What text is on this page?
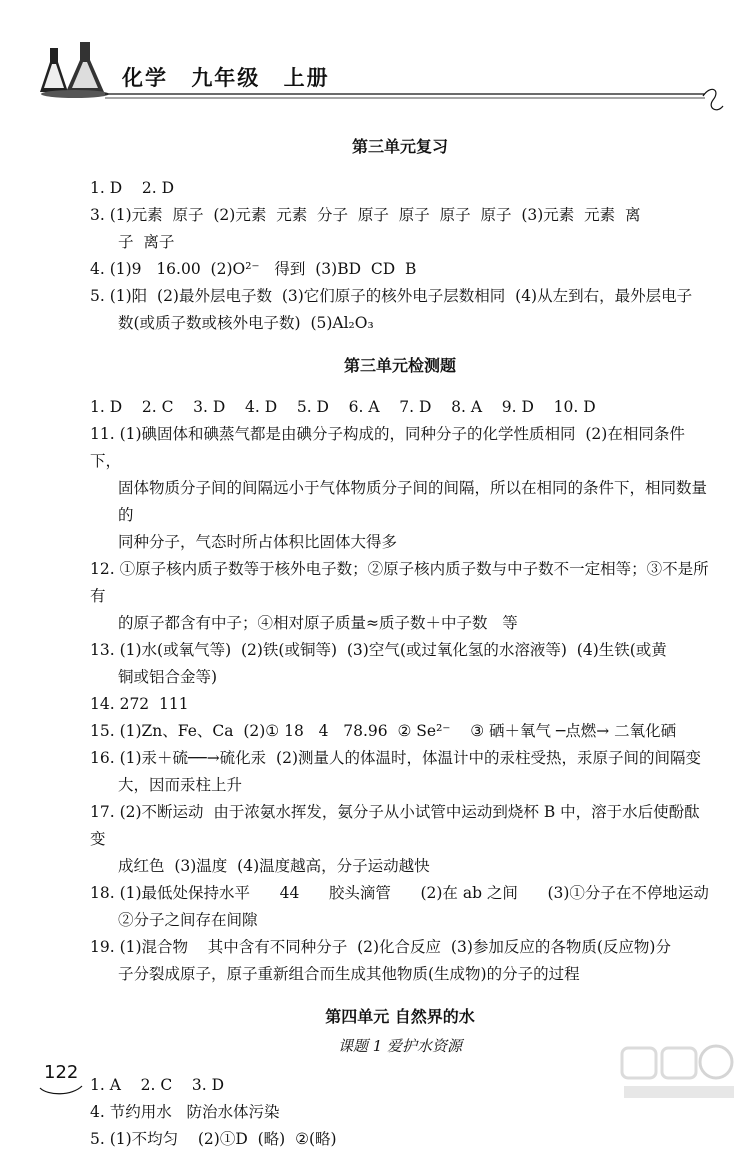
化学 九年级 上册
第三单元复习
1. D    2. D
3. (1)元素  原子  (2)元素  元素  分子  原子  原子  原子  原子  (3)元素  元素  离
子  离子
4. (1)9   16.00  (2)O²⁻   得到  (3)BD  CD  B
5. (1)阳  (2)最外层电子数  (3)它们原子的核外电子层数相同  (4)从左到右，最外层电子
数(或质子数或核外电子数)  (5)Al₂O₃
第三单元检测题
1. D    2. C    3. D    4. D    5. D    6. A    7. D    8. A    9. D    10. D
11. (1)碘固体和碘蒸气都是由碘分子构成的，同种分子的化学性质相同  (2)在相同条件下，
固体物质分子间的间隔远小于气体物质分子间的间隔，所以在相同的条件下，相同数量的
同种分子，气态时所占体积比固体大得多
12. ①原子核内质子数等于核外电子数；②原子核内质子数与中子数不一定相等；③不是所有
的原子都含有中子；④相对原子质量≈质子数＋中子数   等
13. (1)水(或氧气等)  (2)铁(或铜等)  (3)空气(或过氧化氢的水溶液等)  (4)生铁(或黄
铜或铝合金等)
14. 272  111
15. (1)Zn、Fe、Ca  (2)① 18   4   78.96  ② Se²⁻    ③ 硒＋氧气 ─点燃→ 二氧化硒
16. (1)汞＋硫──→硫化汞  (2)测量人的体温时，体温计中的汞柱受热，汞原子间的间隔变
大，因而汞柱上升
17. (2)不断运动  由于浓氨水挥发，氨分子从小试管中运动到烧杯 B 中，溶于水后使酚酞变
成红色  (3)温度  (4)温度越高，分子运动越快
18. (1)最低处保持水平      44      胶头滴管      (2)在 ab 之间      (3)①分子在不停地运动
②分子之间存在间隙
19. (1)混合物    其中含有不同种分子  (2)化合反应  (3)参加反应的各物质(反应物)分
子分裂成原子，原子重新组合而生成其他物质(生成物)的分子的过程
第四单元 自然界的水
课题 1 爱护水资源
1. A    2. C    3. D
4. 节约用水   防治水体污染
5. (1)不均匀    (2)①D  (略)  ②(略)
122
